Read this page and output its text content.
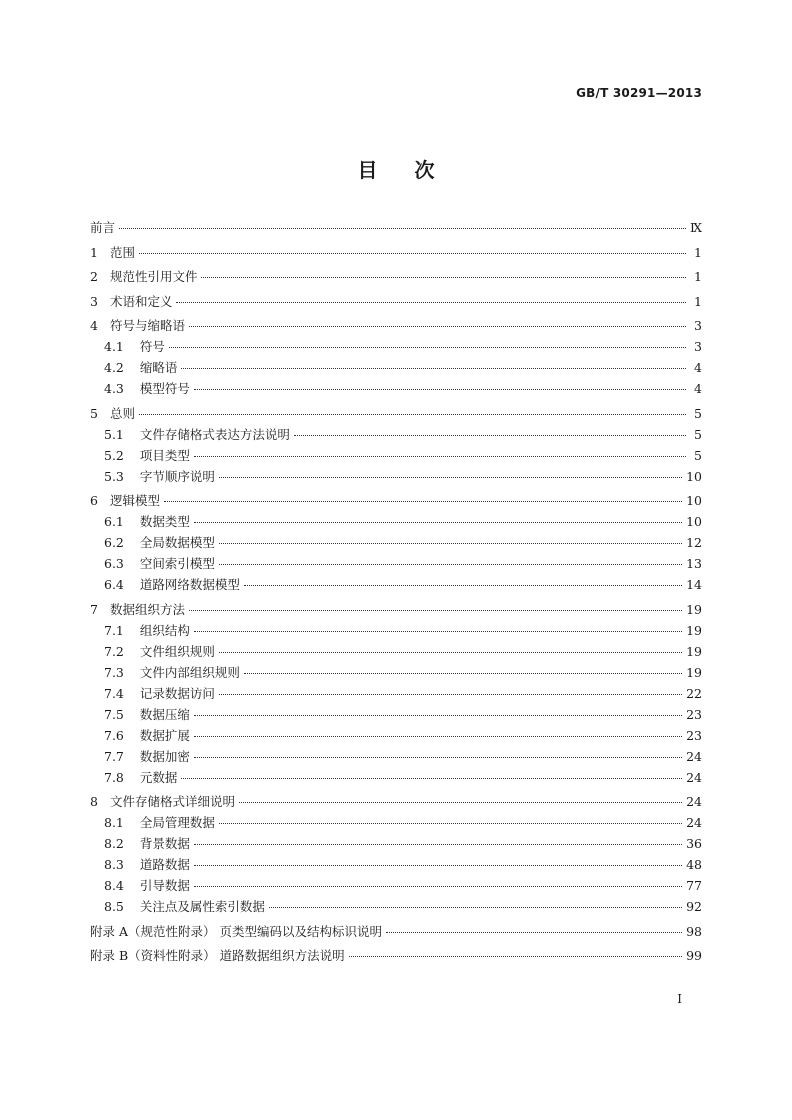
GB/T 30291—2013
目 次
前言	Ⅸ
1 范围	1
2 规范性引用文件	1
3 术语和定义	1
4 符号与缩略语	3
4.1 符号	3
4.2 缩略语	4
4.3 模型符号	4
5 总则	5
5.1 文件存储格式表达方法说明	5
5.2 项目类型	5
5.3 字节顺序说明	10
6 逻辑模型	10
6.1 数据类型	10
6.2 全局数据模型	12
6.3 空间索引模型	13
6.4 道路网络数据模型	14
7 数据组织方法	19
7.1 组织结构	19
7.2 文件组织规则	19
7.3 文件内部组织规则	19
7.4 记录数据访问	22
7.5 数据压缩	23
7.6 数据扩展	23
7.7 数据加密	24
7.8 元数据	24
8 文件存储格式详细说明	24
8.1 全局管理数据	24
8.2 背景数据	36
8.3 道路数据	48
8.4 引导数据	77
8.5 关注点及属性索引数据	92
附录 A（规范性附录） 页类型编码以及结构标识说明	98
附录 B（资料性附录） 道路数据组织方法说明	99
I
